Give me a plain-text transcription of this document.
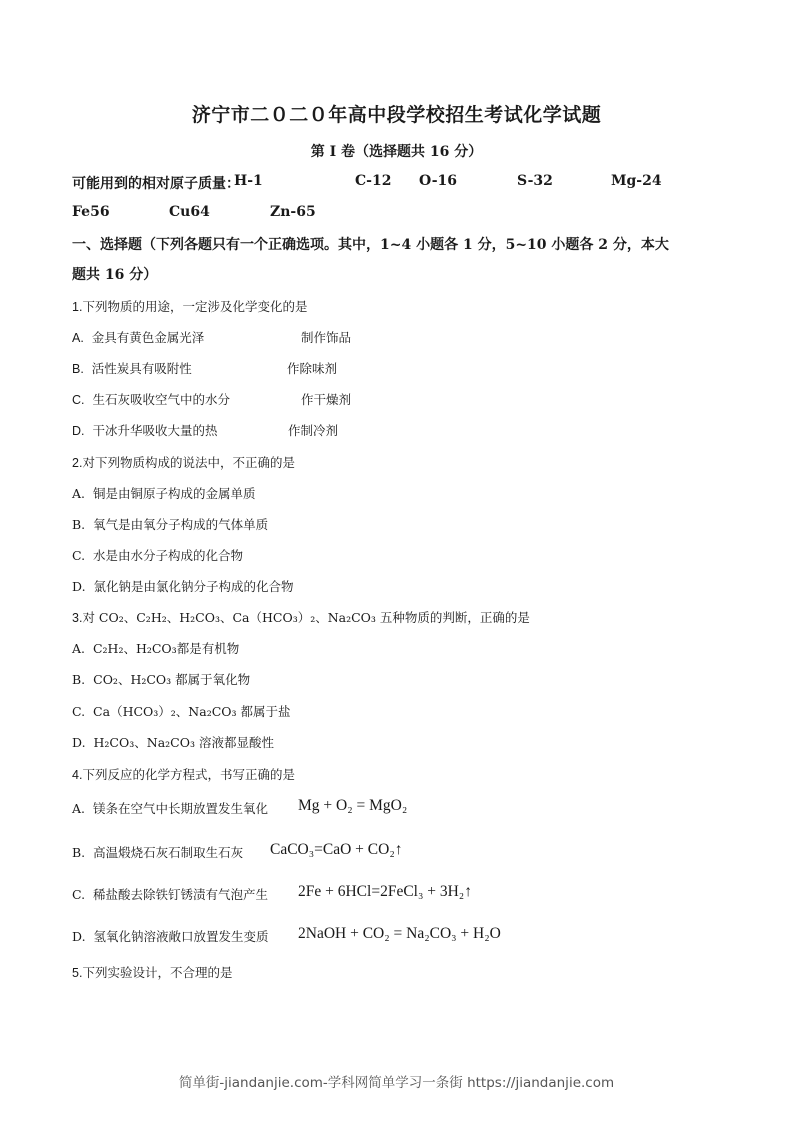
济宁市二０二０年高中段学校招生考试化学试题
第 I 卷（选择题共 16 分）
可能用到的相对原子质量：
H-1	C-12 O-16	S-32	Mg-24
Fe56	Cu64	Zn-65
一、选择题（下列各题只有一个正确选项。其中，1~4 小题各 1 分，5~10 小题各 2 分，本大
题共 16 分）
1.下列物质的用途，一定涉及化学变化的是
A. 金具有黄色金属光泽	制作饰品
B. 活性炭具有吸附性	作除味剂
C. 生石灰吸收空气中的水分	作干燥剂
D. 干冰升华吸收大量的热	作制冷剂
2.对下列物质构成的说法中，不正确的是
A. 铜是由铜原子构成的金属单质
B. 氧气是由氧分子构成的气体单质
C. 水是由水分子构成的化合物
D. 氯化钠是由氯化钠分子构成的化合物
3.对 CO₂、C₂H₂、H₂CO₃、Ca（HCO₃）₂、Na₂CO₃ 五种物质的判断，正确的是
A. C₂H₂、H₂CO₃都是有机物
B. CO₂、H₂CO₃ 都属于氧化物
C. Ca（HCO₃）₂、Na₂CO₃ 都属于盐
D. H₂CO₃、Na₂CO₃ 溶液都显酸性
4.下列反应的化学方程式，书写正确的是
A. 镁条在空气中长期放置发生氧化 Mg + O₂ = MgO₂
B. 高温煅烧石灰石制取生石灰 CaCO₃=CaO + CO₂↑
C. 稀盐酸去除铁钉锈渍有气泡产生 2Fe + 6HCl=2FeCl₃ + 3H₂↑
D. 氢氧化钠溶液敞口放置发生变质 2NaOH + CO₂ = Na₂CO₃ + H₂O
5.下列实验设计，不合理的是
简单街-jiandanjie.com-学科网简单学习一条街 https://jiandanjie.com
